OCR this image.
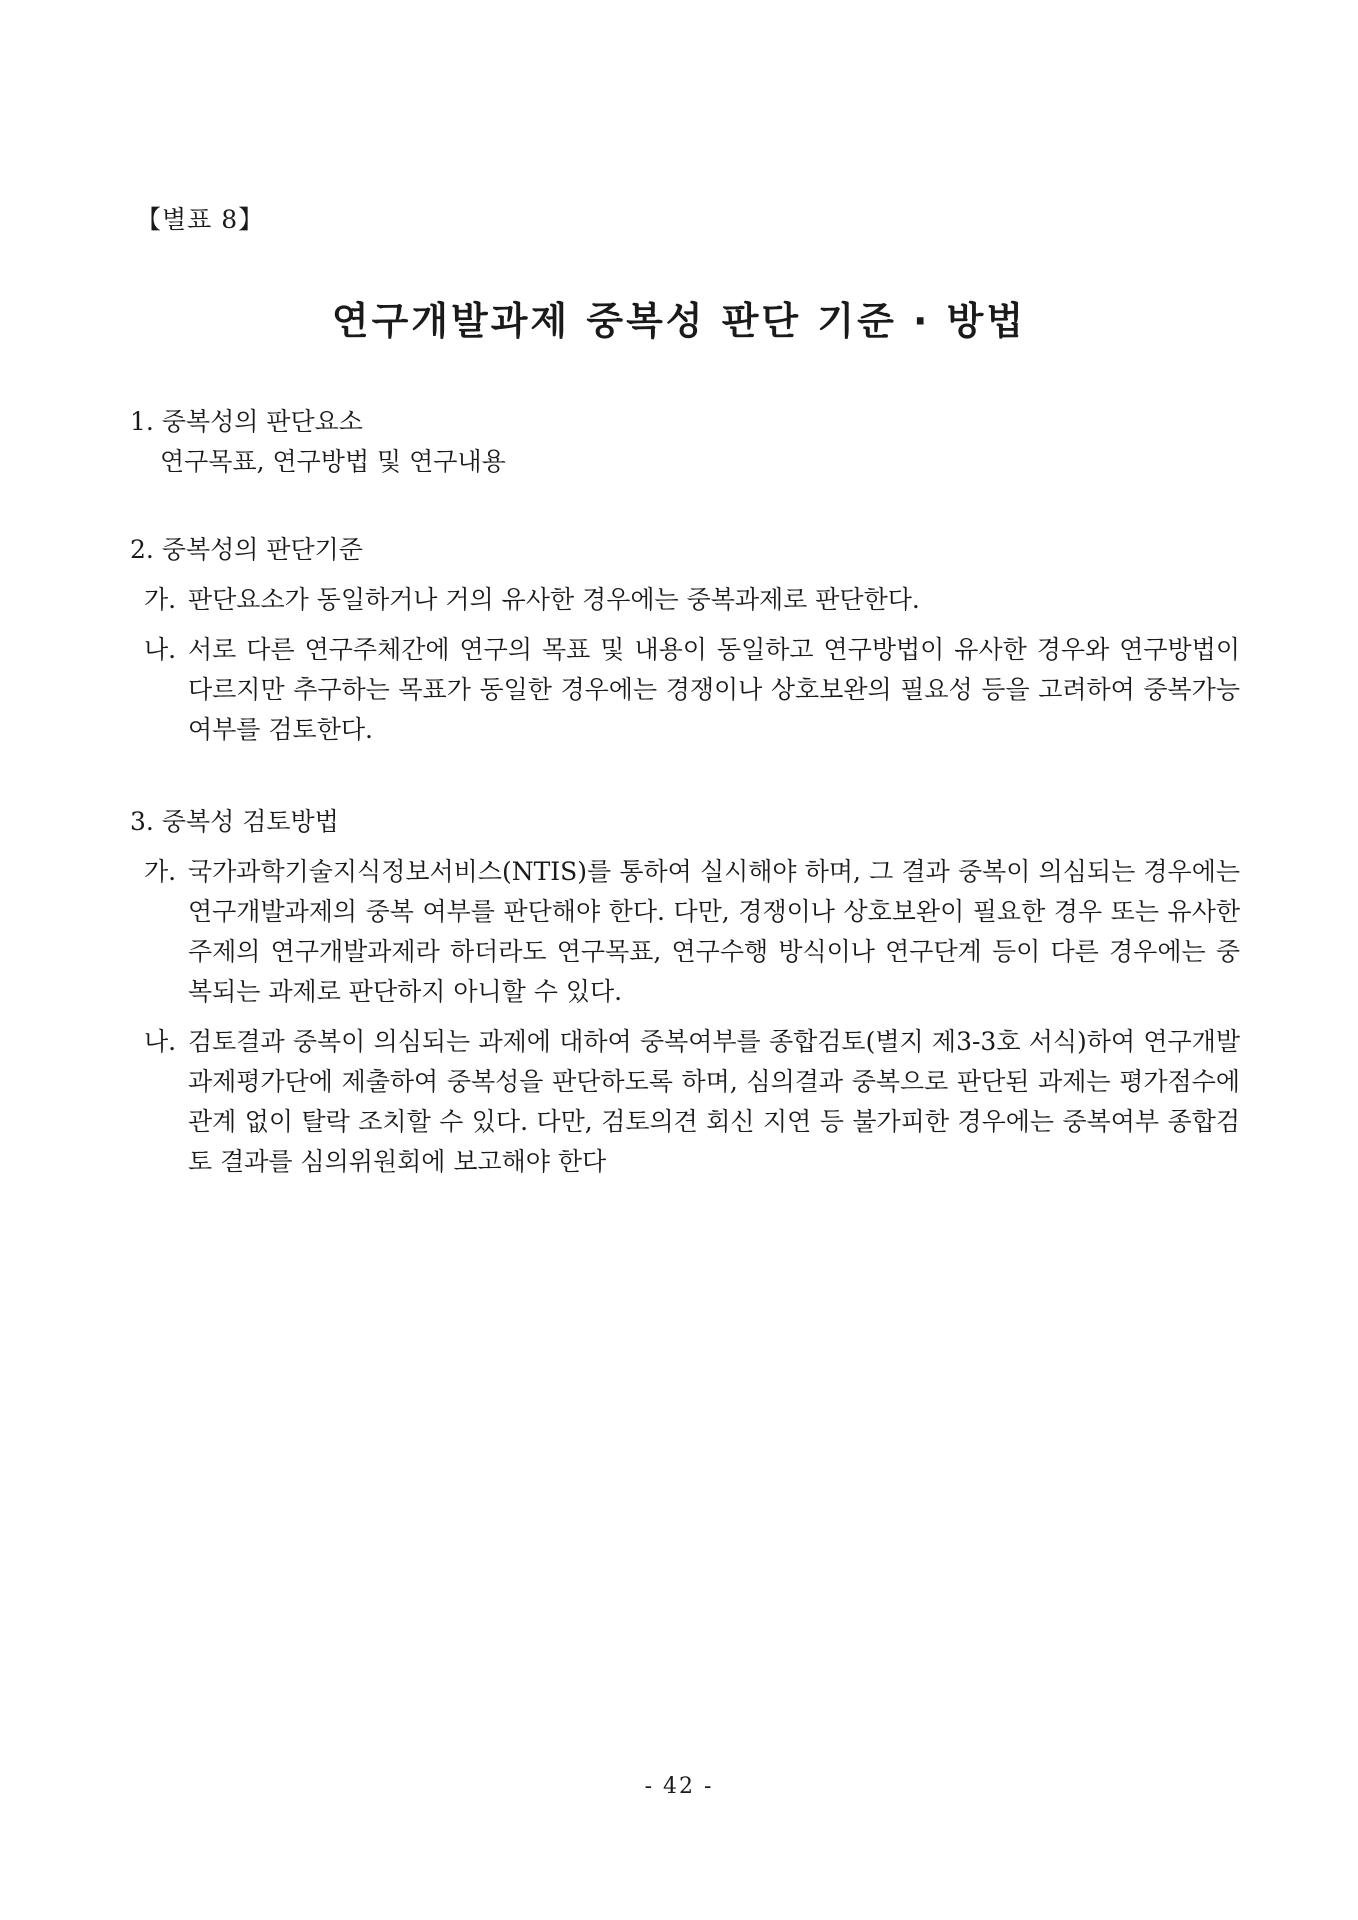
【별표 8】
연구개발과제 중복성 판단 기준 · 방법

1. 중복성의 판단요소

연구목표, 연구방법 및 연구내용

2. 중복성의 판단기준

가. 판단요소가 동일하거나 거의 유사한 경우에는 중복과제로 판단한다.
나. 서로 다른 연구주체간에 연구의 목표 및 내용이 동일하고 연구방법이 유사한 경우와 연구방법이 다르지만 추구하는 목표가 동일한 경우에는 경쟁이나 상호보완의 필요성 등을 고려하여 중복가능 여부를 검토한다.

3. 중복성 검토방법

가. 국가과학기술지식정보서비스(NTIS)를 통하여 실시해야 하며, 그 결과 중복이 의심되는 경우에는 연구개발과제의 중복 여부를 판단해야 한다. 다만, 경쟁이나 상호보완이 필요한 경우 또는 유사한 주제의 연구개발과제라 하더라도 연구목표, 연구수행 방식이나 연구단계 등이 다른 경우에는 중복되는 과제로 판단하지 아니할 수 있다.
나. 검토결과 중복이 의심되는 과제에 대하여 중복여부를 종합검토(별지 제3-3호 서식)하여 연구개발과제평가단에 제출하여 중복성을 판단하도록 하며, 심의결과 중복으로 판단된 과제는 평가점수에 관계 없이 탈락 조치할 수 있다. 다만, 검토의견 회신 지연 등 불가피한 경우에는 중복여부 종합검토 결과를 심의위원회에 보고해야 한다
- 42 -
